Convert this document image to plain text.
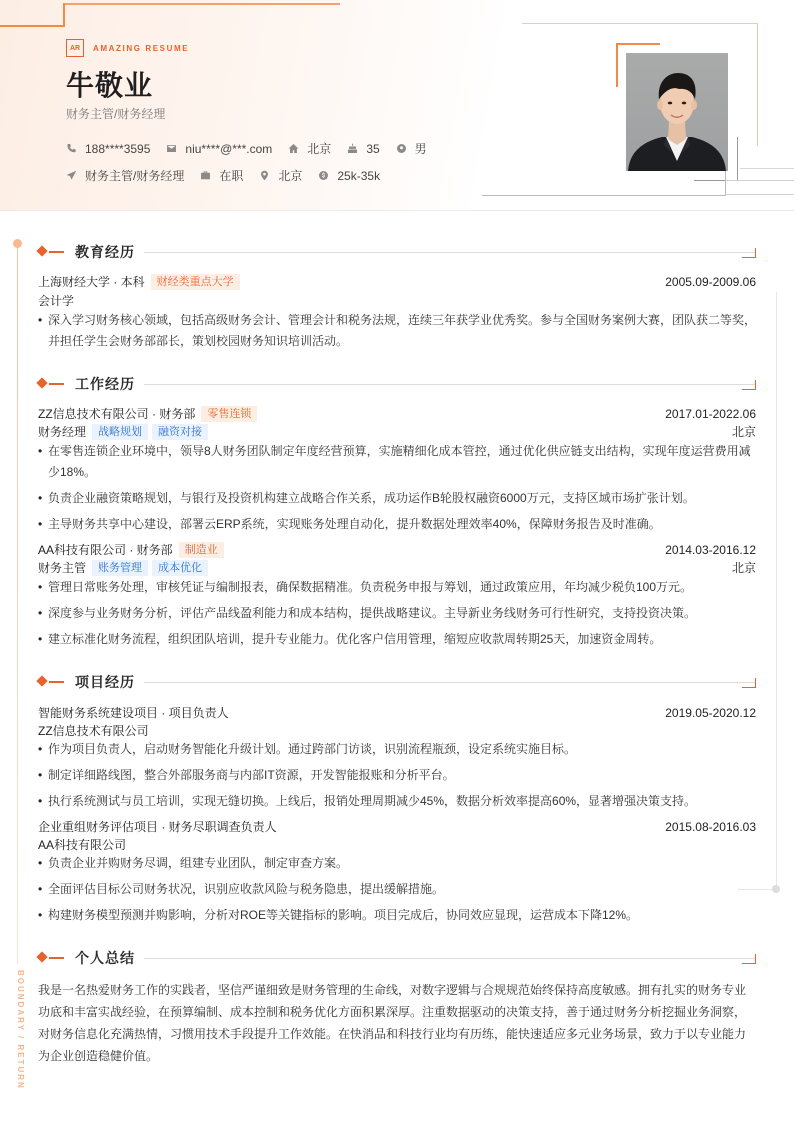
AR	AMAZING RESUME
牛敬业
财务主管/财务经理
188****3595	niu****@***.com	北京	35	男
财务主管/财务经理	在职	北京	25k-35k
BOUNDARY / RETURN
教育经历
上海财经大学 · 本科	财经类重点大学	2005.09-2009.06
会计学
• 深入学习财务核心领域，包括高级财务会计、管理会计和税务法规，连续三年获学业优秀奖。参与全国财务案例大赛，团队获二等奖，并担任学生会财务部部长，策划校园财务知识培训活动。
工作经历
ZZ信息技术有限公司 · 财务部	零售连锁	2017.01-2022.06
财务经理	战略规划	融资对接	北京
• 在零售连锁企业环境中，领导8人财务团队制定年度经营预算，实施精细化成本管控，通过优化供应链支出结构，实现年度运营费用减少18%。
• 负责企业融资策略规划，与银行及投资机构建立战略合作关系，成功运作B轮股权融资6000万元，支持区域市场扩张计划。
• 主导财务共享中心建设，部署云ERP系统，实现账务处理自动化，提升数据处理效率40%，保障财务报告及时准确。
AA科技有限公司 · 财务部	制造业	2014.03-2016.12
财务主管	账务管理	成本优化	北京
• 管理日常账务处理，审核凭证与编制报表，确保数据精准。负责税务申报与筹划，通过政策应用，年均减少税负100万元。
• 深度参与业务财务分析，评估产品线盈利能力和成本结构，提供战略建议。主导新业务线财务可行性研究，支持投资决策。
• 建立标准化财务流程，组织团队培训，提升专业能力。优化客户信用管理，缩短应收款周转期25天，加速资金周转。
项目经历
智能财务系统建设项目 · 项目负责人	2019.05-2020.12
ZZ信息技术有限公司
• 作为项目负责人，启动财务智能化升级计划。通过跨部门访谈，识别流程瓶颈，设定系统实施目标。
• 制定详细路线图，整合外部服务商与内部IT资源，开发智能报账和分析平台。
• 执行系统测试与员工培训，实现无缝切换。上线后，报销处理周期减少45%，数据分析效率提高60%，显著增强决策支持。
企业重组财务评估项目 · 财务尽职调查负责人	2015.08-2016.03
AA科技有限公司
• 负责企业并购财务尽调，组建专业团队，制定审查方案。
• 全面评估目标公司财务状况，识别应收款风险与税务隐患，提出缓解措施。
• 构建财务模型预测并购影响，分析对ROE等关键指标的影响。项目完成后，协同效应显现，运营成本下降12%。
个人总结
我是一名热爱财务工作的实践者，坚信严谨细致是财务管理的生命线，对数字逻辑与合规规范始终保持高度敏感。拥有扎实的财务专业功底和丰富实战经验，在预算编制、成本控制和税务优化方面积累深厚。注重数据驱动的决策支持，善于通过财务分析挖掘业务洞察，对财务信息化充满热情，习惯用技术手段提升工作效能。在快消品和科技行业均有历练，能快速适应多元业务场景，致力于以专业能力为企业创造稳健价值。
